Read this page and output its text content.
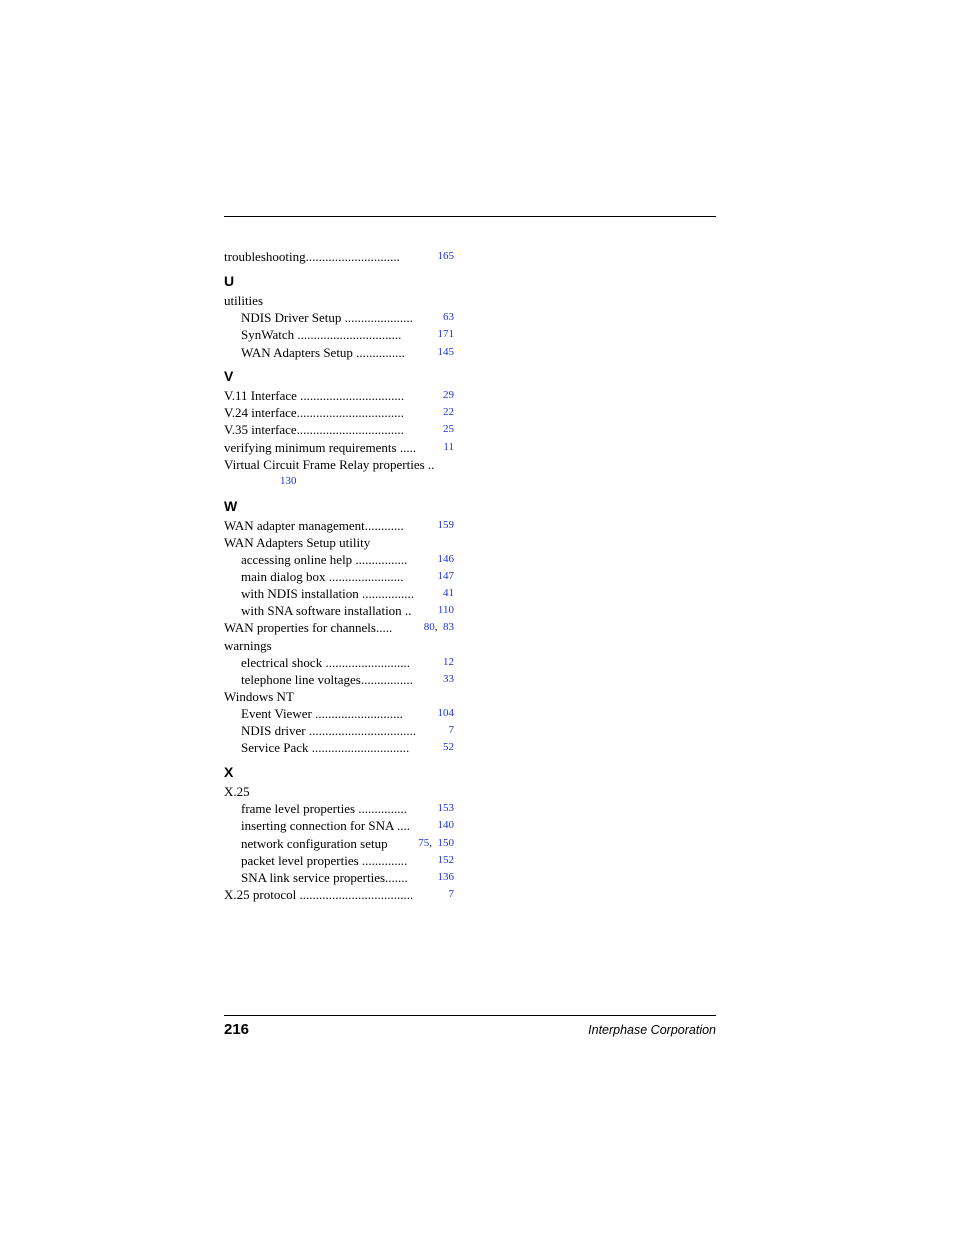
troubleshooting.............................	165
U
utilities
NDIS Driver Setup .....................	63
SynWatch ................................	171
WAN Adapters Setup ...............	145
V
V.11 Interface ................................	29
V.24 interface.................................	22
V.35 interface.................................	25
verifying minimum requirements ..... 11
Virtual Circuit Frame Relay properties ..
130
W
WAN adapter management............	159
WAN Adapters Setup utility
accessing online help ................	146
main dialog box .......................	147
with NDIS installation ................	41
with SNA software installation .. 110
WAN properties for channels.....	80, 83
warnings
electrical shock ..........................	12
telephone line voltages................	33
Windows NT
Event Viewer ...........................	104
NDIS driver .................................	7
Service Pack ..............................	52
X
X.25
frame level properties ...............	153
inserting connection for SNA ....	140
network configuration setup	75, 150
packet level properties ..............	152
SNA link service properties.......	136
X.25 protocol ...................................	7
216	Interphase Corporation
